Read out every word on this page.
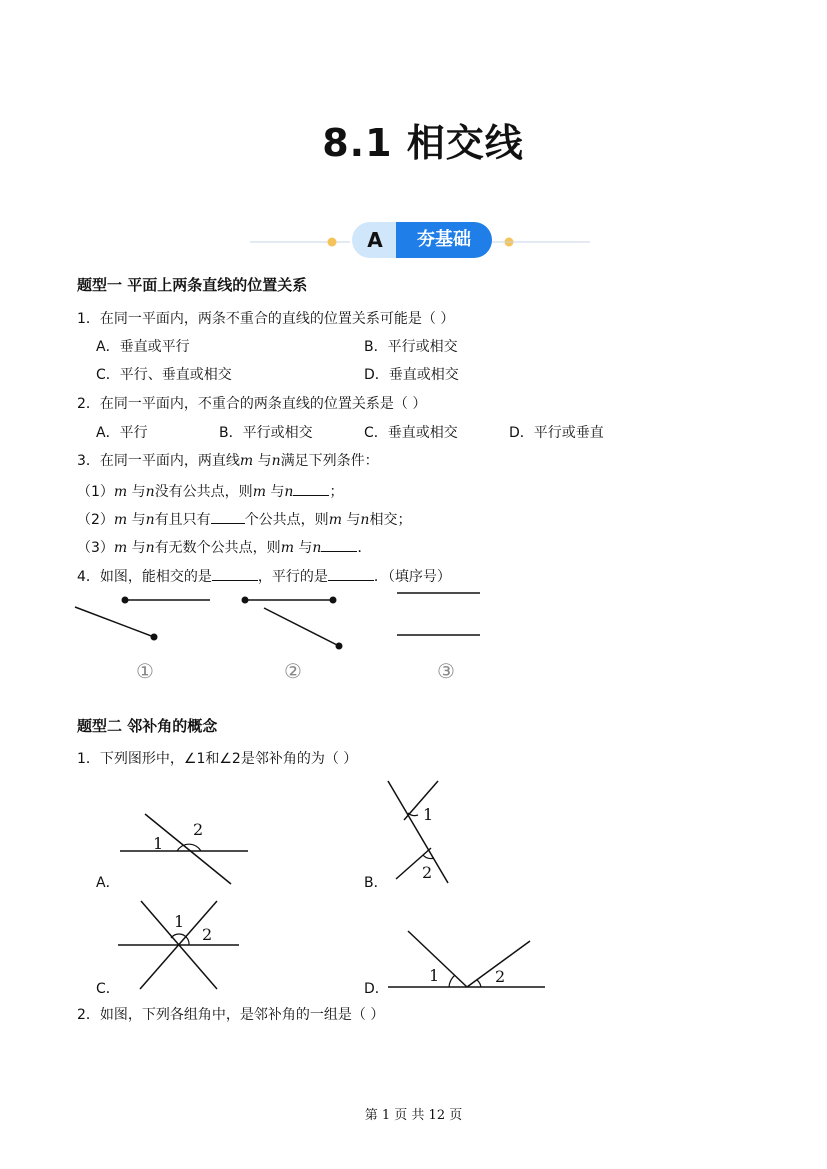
8.1 相交线
A	夯基础
题型一 平面上两条直线的位置关系
1．在同一平面内，两条不重合的直线的位置关系可能是（ ）
A．垂直或平行	B．平行或相交
C．平行、垂直或相交	D．垂直或相交
2．在同一平面内，不重合的两条直线的位置关系是（ ）
A．平行	B．平行或相交	C．垂直或相交	D．平行或垂直
3．在同一平面内，两直线m 与n满足下列条件：
（1）m 与n没有公共点，则m 与n	；
（2）m 与n有且只有 个公共点，则m 与n相交；
（3）m 与n有无数个公共点，则m 与n	．
4．如图，能相交的是	，平行的是	．（填序号）
①	②	③
题型二 邻补角的概念
1．下列图形中，∠1和∠2是邻补角的为（ ）
A．
1
2
B．
1
2
C．
1
2
D．
1	2
2．如图，下列各组角中，是邻补角的一组是（ ）
第 1 页 共 12 页
